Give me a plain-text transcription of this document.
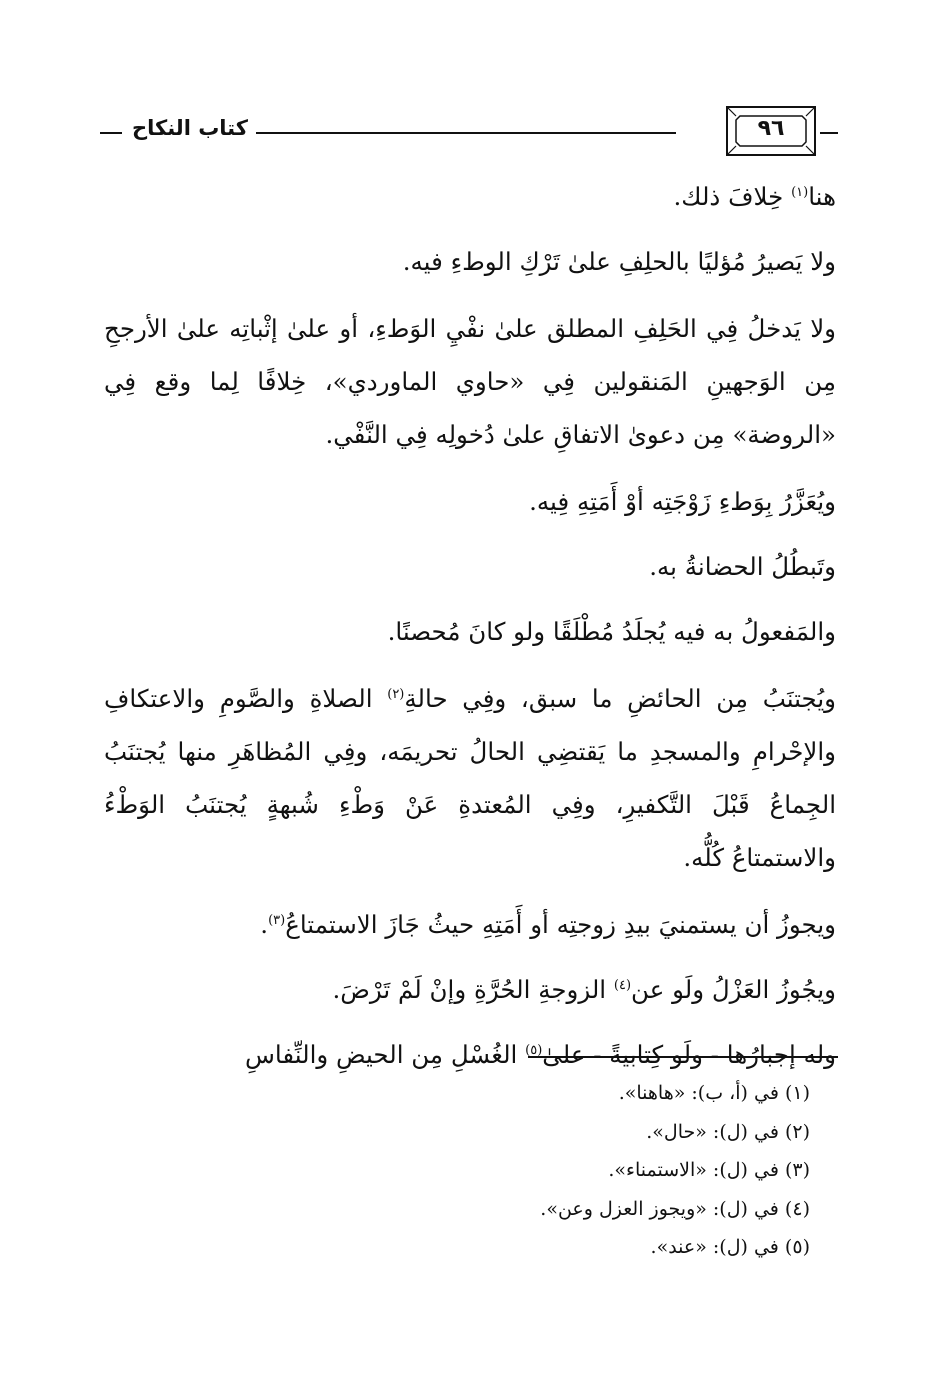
كتاب النكاح	٩٦

هنا$^{(١)}$ خِلافَ ذلك.

ولا يَصيرُ مُؤليًا بالحلِفِ علىٰ تَرْكِ الوطءِ فيه.

ولا يَدخلُ فِي الحَلِفِ المطلق علىٰ نفْيِ الوَطءِ، أو علىٰ إثْباتِه علىٰ الأرجحِ مِن الوَجهينِ المَنقولين فِي «حاوي الماوردي»، خِلافًا لِما وقع فِي «الروضة» مِن دعوىٰ الاتفاقِ علىٰ دُخولِه فِي النَّفْي.

ويُعَزَّرُ بِوَطءِ زَوْجَتِه أوْ أَمَتِهِ فِيه.

وتَبطُلُ الحضانةُ به.

والمَفعولُ به فيه يُجلَدُ مُطْلَقًا ولو كانَ مُحصنًا.

ويُجتنَبُ مِن الحائضِ ما سبق، وفِي حالةِ$^{(٢)}$ الصلاةِ والصَّومِ والاعتكافِ والإحْرامِ والمسجدِ ما يَقتضِي الحالُ تحريمَه، وفِي المُظاهَرِ منها يُجتنَبُ الجِماعُ قَبْلَ التَّكفيرِ، وفِي المُعتدةِ عَنْ وَطْءِ شُبهةٍ يُجتنَبُ الوَطْءُ والاستمتاعُ كُلُّه.

ويجوزُ أن يستمنيَ بيدِ زوجتِه أو أَمَتِهِ حيثُ جَازَ الاستمتاعُ$^{(٣)}$.

ويجُوزُ العَزْلُ ولَو عن$^{(٤)}$ الزوجةِ الحُرَّةِ وإنْ لَمْ تَرْضَ.

وله إجبارُها - ولَو كِتابيةً - علىٰ$^{(٥)}$ الغُسْلِ مِن الحيضِ والنِّفاسِ

(١) في (أ، ب): «هاهنا».
(٢) في (ل): «حال».
(٣) في (ل): «الاستمناء».
(٤) في (ل): «ويجوز العزل وعن».
(٥) في (ل): «عند».
